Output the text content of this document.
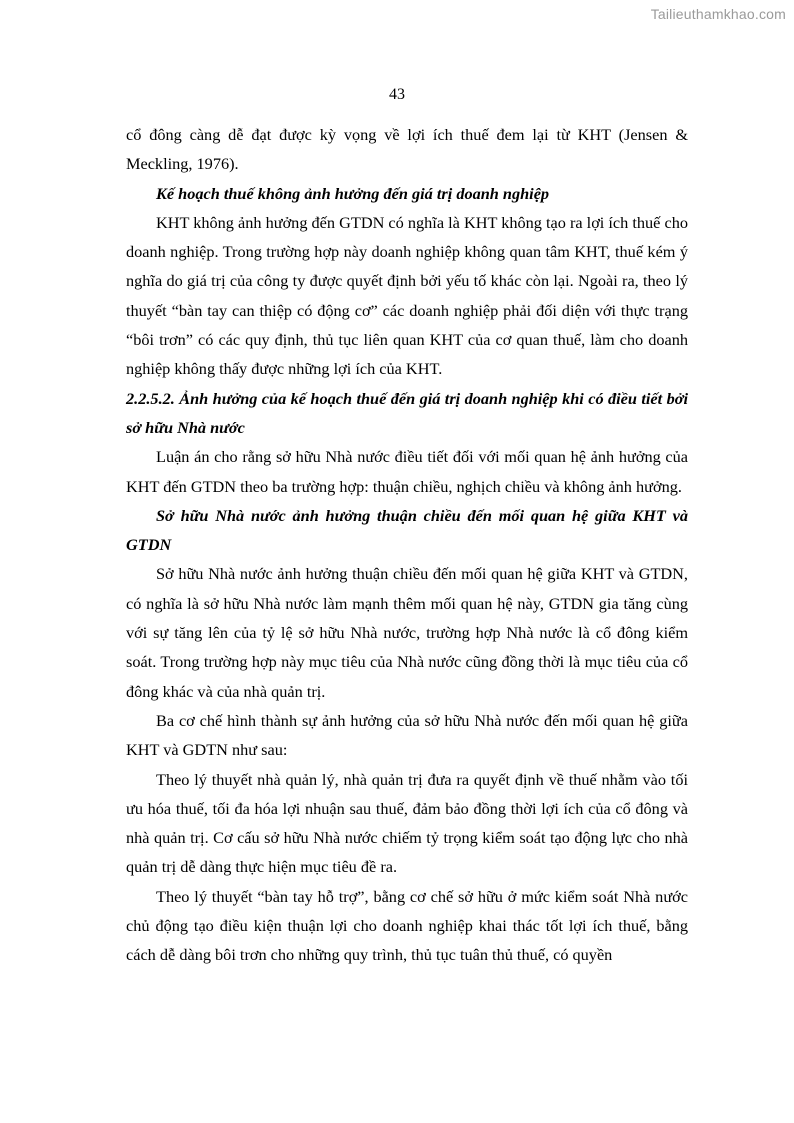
Tailieuthamkhao.com
43

cổ đông càng dễ đạt được kỳ vọng về lợi ích thuế đem lại từ KHT (Jensen & Meckling, 1976).

Kế hoạch thuế không ảnh hưởng đến giá trị doanh nghiệp

KHT không ảnh hưởng đến GTDN có nghĩa là KHT không tạo ra lợi ích thuế cho doanh nghiệp. Trong trường hợp này doanh nghiệp không quan tâm KHT, thuế kém ý nghĩa do giá trị của công ty được quyết định bởi yếu tố khác còn lại. Ngoài ra, theo lý thuyết “bàn tay can thiệp có động cơ” các doanh nghiệp phải đối diện với thực trạng “bôi trơn” có các quy định, thủ tục liên quan KHT của cơ quan thuế, làm cho doanh nghiệp không thấy được những lợi ích của KHT.

2.2.5.2. Ảnh hưởng của kế hoạch thuế đến giá trị doanh nghiệp khi có điều tiết bởi sở hữu Nhà nước

Luận án cho rằng sở hữu Nhà nước điều tiết đối với mối quan hệ ảnh hưởng của KHT đến GTDN theo ba trường hợp: thuận chiều, nghịch chiều và không ảnh hưởng.

Sở hữu Nhà nước ảnh hưởng thuận chiều đến mối quan hệ giữa KHT và GTDN

Sở hữu Nhà nước ảnh hưởng thuận chiều đến mối quan hệ giữa KHT và GTDN, có nghĩa là sở hữu Nhà nước làm mạnh thêm mối quan hệ này, GTDN gia tăng cùng với sự tăng lên của tỷ lệ sở hữu Nhà nước, trường hợp Nhà nước là cổ đông kiểm soát. Trong trường hợp này mục tiêu của Nhà nước cũng đồng thời là mục tiêu của cổ đông khác và của nhà quản trị.

Ba cơ chế hình thành sự ảnh hưởng của sở hữu Nhà nước đến mối quan hệ giữa KHT và GDTN như sau:

Theo lý thuyết nhà quản lý, nhà quản trị đưa ra quyết định về thuế nhằm vào tối ưu hóa thuế, tối đa hóa lợi nhuận sau thuế, đảm bảo đồng thời lợi ích của cổ đông và nhà quản trị. Cơ cấu sở hữu Nhà nước chiếm tỷ trọng kiểm soát tạo động lực cho nhà quản trị dễ dàng thực hiện mục tiêu đề ra.

Theo lý thuyết “bàn tay hỗ trợ”, bằng cơ chế sở hữu ở mức kiểm soát Nhà nước chủ động tạo điều kiện thuận lợi cho doanh nghiệp khai thác tốt lợi ích thuế, bằng cách dễ dàng bôi trơn cho những quy trình, thủ tục tuân thủ thuế, có quyền
